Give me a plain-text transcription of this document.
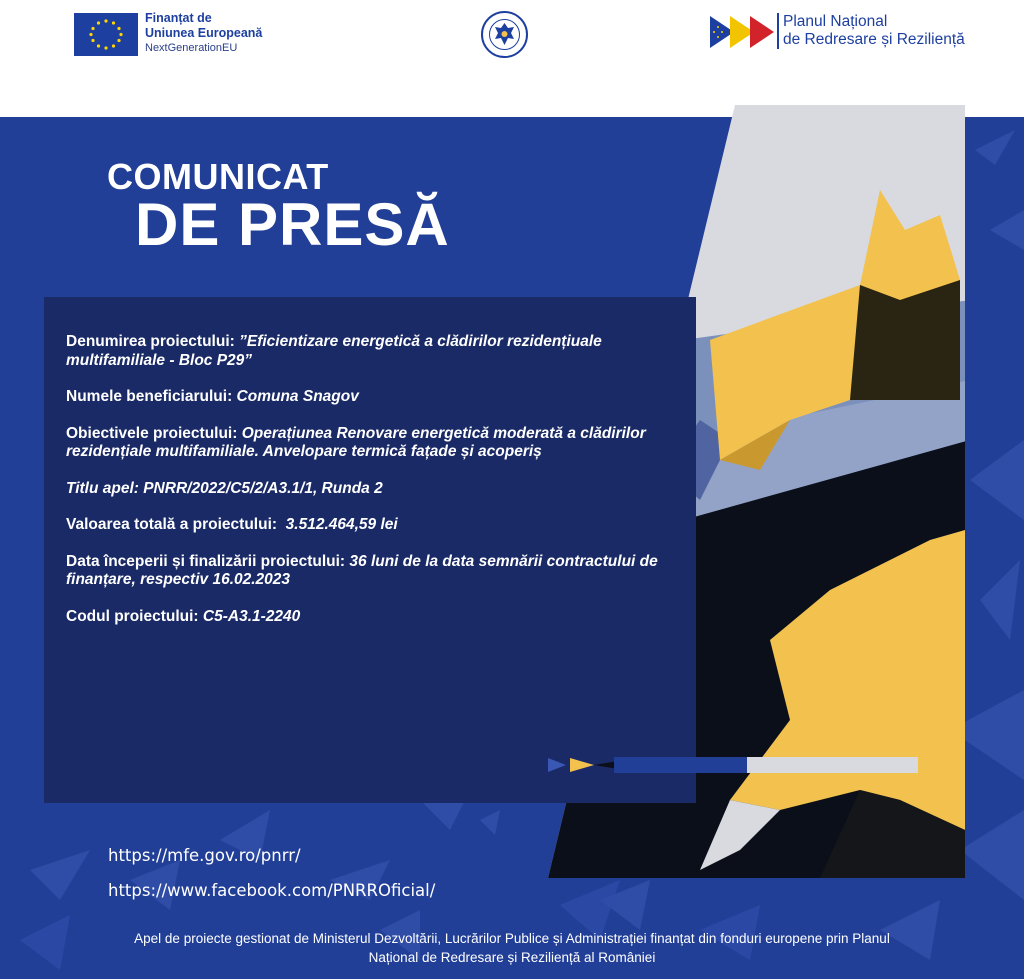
Finanțat de
Uniunea Europeană
NextGenerationEU
Planul Național
de Redresare și Reziliență
COMUNICAT
DE PRESĂ

Denumirea proiectului: ”Eficientizare energetică a clădirilor rezidențiuale multifamiliale - Bloc P29”

Numele beneficiarului: Comuna Snagov

Obiectivele proiectului: Operațiunea Renovare energetică moderată a clădirilor rezidențiale multifamiliale. Anvelopare termică fațade și acoperiș

Titlu apel: PNRR/2022/C5/2/A3.1/1, Runda 2

Valoarea totală a proiectului: 3.512.464,59 lei

Data începerii și finalizării proiectului: 36 luni de la data semnării contractului de finanțare, respectiv 16.02.2023

Codul proiectului: C5-A3.1-2240

https://mfe.gov.ro/pnrr/
https://www.facebook.com/PNRROficial/
Apel de proiecte gestionat de Ministerul Dezvoltării, Lucrărilor Publice și Administrației finanțat din fonduri europene prin Planul
Național de Redresare și Reziliență al României
